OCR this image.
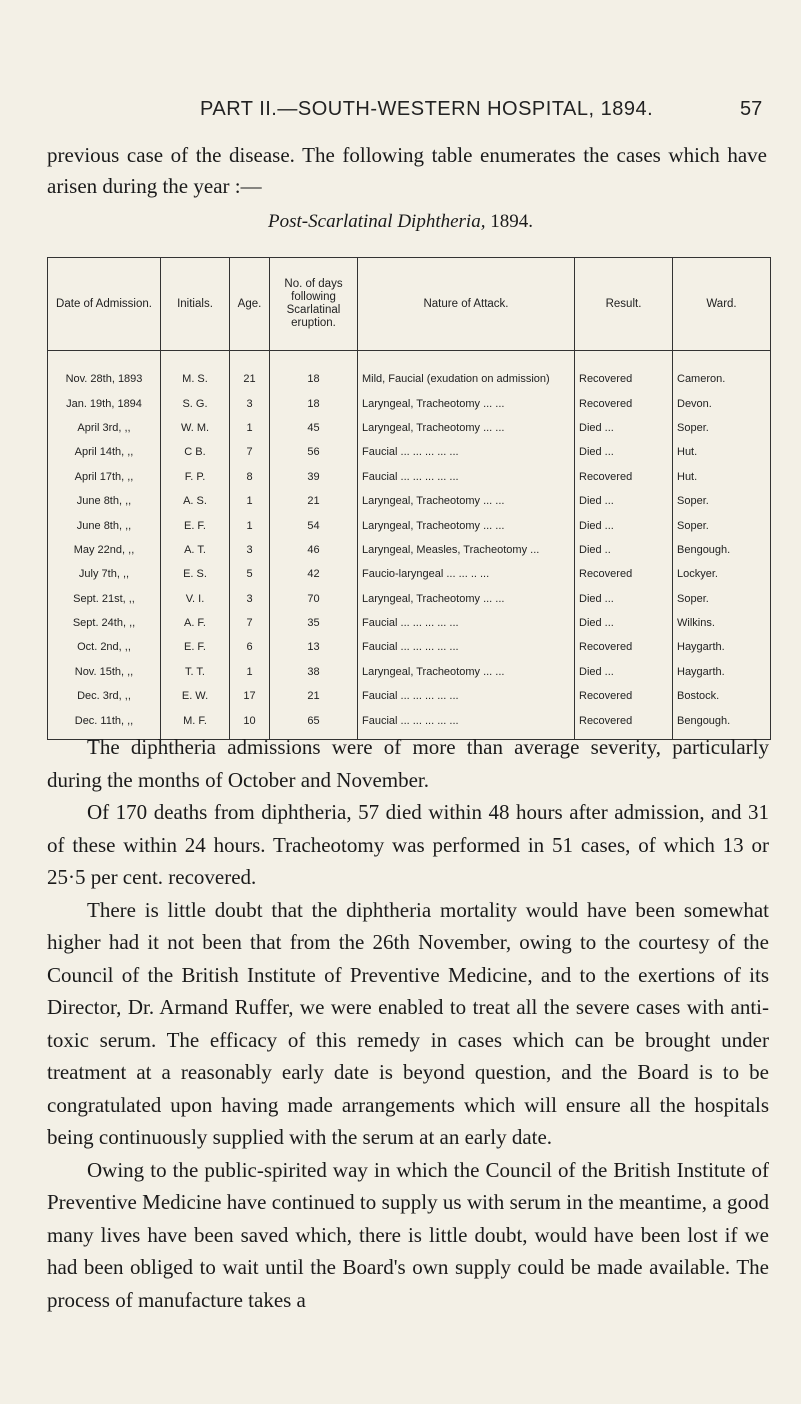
PART II.—SOUTH-WESTERN HOSPITAL, 1894.	57
previous case of the disease. The following table enumerates the cases which have arisen during the year :—
Post-Scarlatinal Diphtheria, 1894.
Date of Admission.	Initials.	Age.	No. of days following Scarlatinal eruption.	Nature of Attack.	Result.	Ward.
Nov. 28th, 1893	M. S.	21	18	Mild, Faucial (exudation on admission)	Recovered	Cameron.
Jan. 19th, 1894	S. G.	3	18	Laryngeal, Tracheotomy ... ...	Recovered	Devon.
April 3rd, ,,	W. M.	1	45	Laryngeal, Tracheotomy ... ...	Died ...	Soper.
April 14th, ,,	C B.	7	56	Faucial ... ... ... ... ...	Died ...	Hut.
April 17th, ,,	F. P.	8	39	Faucial ... ... ... ... ...	Recovered	Hut.
June 8th, ,,	A. S.	1	21	Laryngeal, Tracheotomy ... ...	Died ...	Soper.
June 8th, ,,	E. F.	1	54	Laryngeal, Tracheotomy ... ...	Died ...	Soper.
May 22nd, ,,	A. T.	3	46	Laryngeal, Measles, Tracheotomy ...	Died ..	Bengough.
July 7th, ,,	E. S.	5	42	Faucio-laryngeal ... ... .. ...	Recovered	Lockyer.
Sept. 21st, ,,	V. I.	3	70	Laryngeal, Tracheotomy ... ...	Died ...	Soper.
Sept. 24th, ,,	A. F.	7	35	Faucial ... ... ... ... ...	Died ...	Wilkins.
Oct. 2nd, ,,	E. F.	6	13	Faucial ... ... ... ... ...	Recovered	Haygarth.
Nov. 15th, ,,	T. T.	1	38	Laryngeal, Tracheotomy ... ...	Died ...	Haygarth.
Dec. 3rd, ,,	E. W.	17	21	Faucial ... ... ... ... ...	Recovered	Bostock.
Dec. 11th, ,,	M. F.	10	65	Faucial ... ... ... ... ...	Recovered	Bengough.

The diphtheria admissions were of more than average severity, particularly during the months of October and November.

Of 170 deaths from diphtheria, 57 died within 48 hours after admission, and 31 of these within 24 hours. Tracheotomy was performed in 51 cases, of which 13 or 25·5 per cent. recovered.

There is little doubt that the diphtheria mortality would have been somewhat higher had it not been that from the 26th November, owing to the courtesy of the Council of the British Institute of Preventive Medicine, and to the exertions of its Director, Dr. Armand Ruffer, we were enabled to treat all the severe cases with anti-toxic serum. The efficacy of this remedy in cases which can be brought under treatment at a reasonably early date is beyond question, and the Board is to be congratulated upon having made arrangements which will ensure all the hospitals being continuously supplied with the serum at an early date.

Owing to the public-spirited way in which the Council of the British Institute of Preventive Medicine have continued to supply us with serum in the meantime, a good many lives have been saved which, there is little doubt, would have been lost if we had been obliged to wait until the Board's own supply could be made available. The process of manufacture takes a
